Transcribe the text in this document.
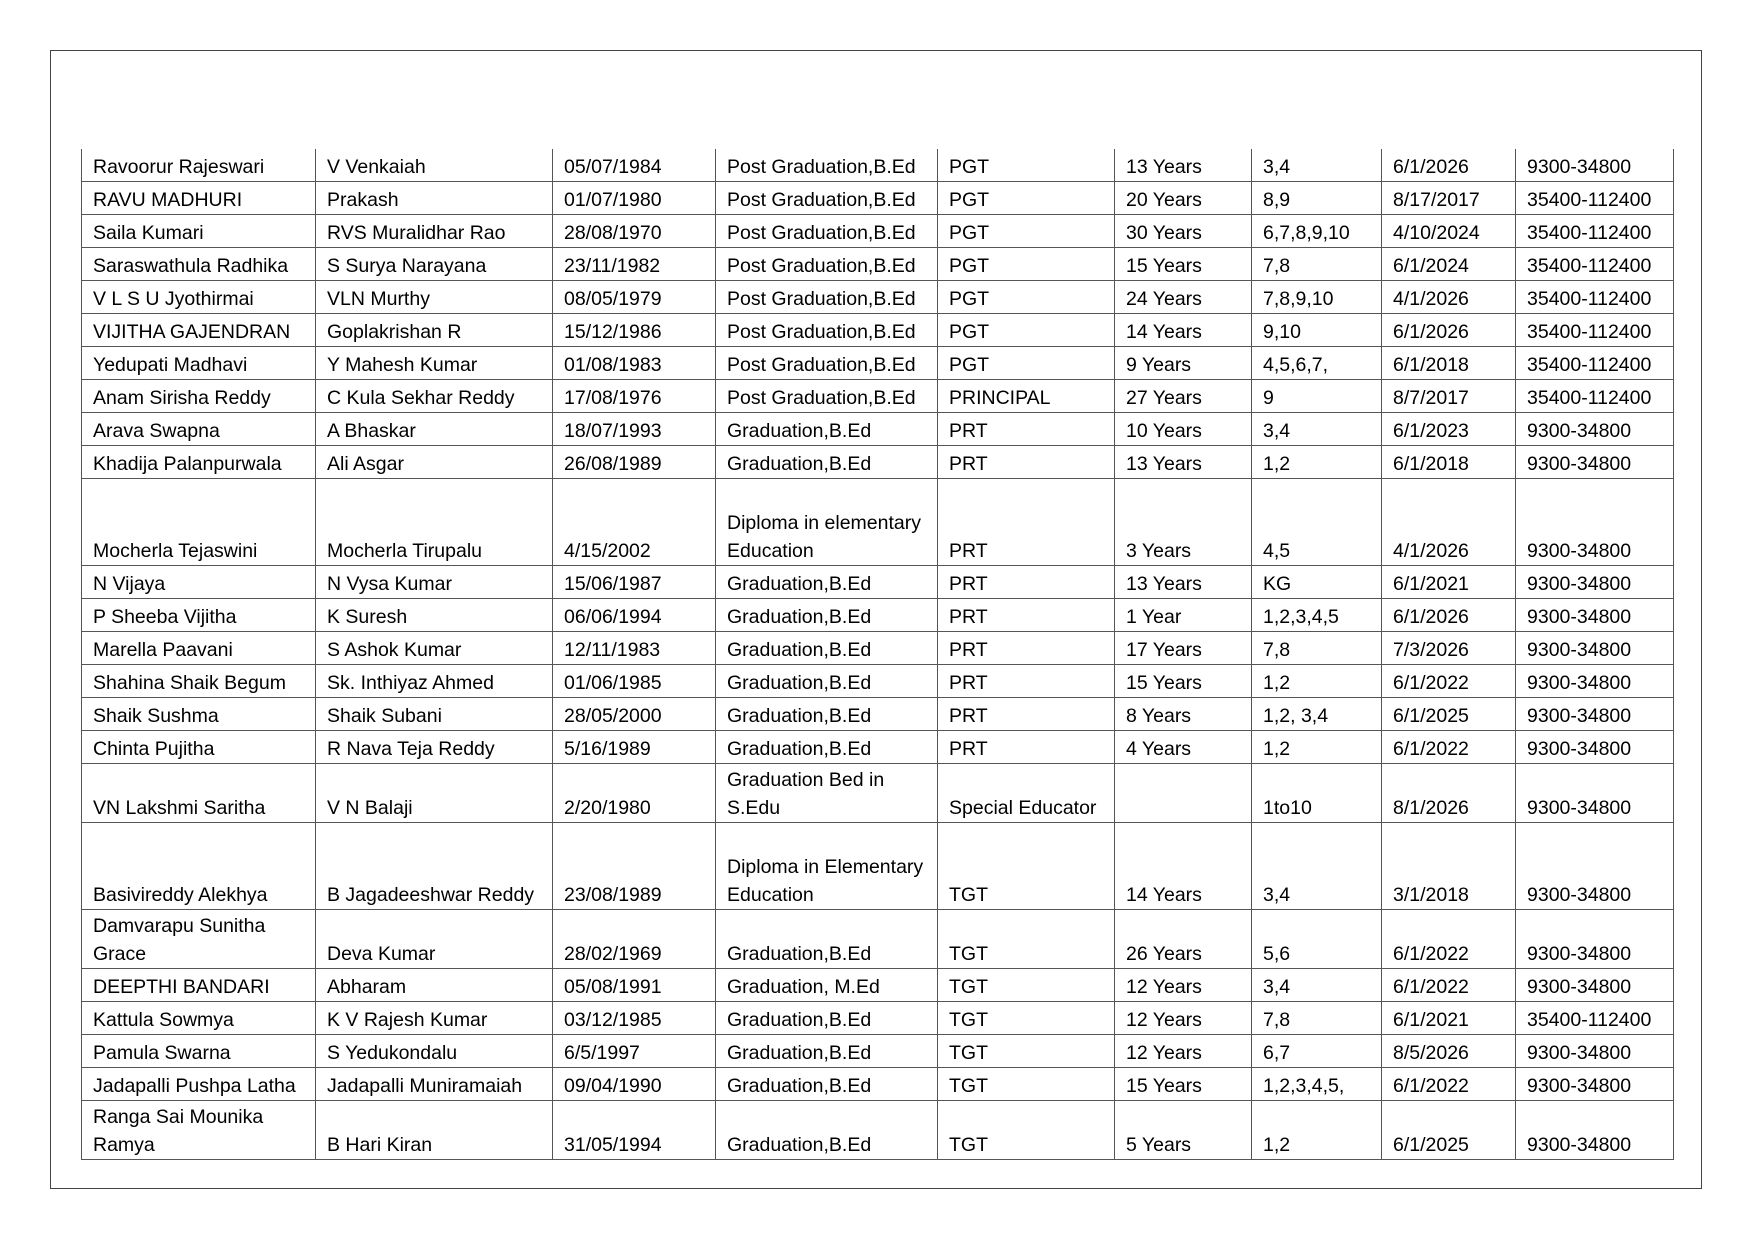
Ravoorur Rajeswari	V Venkaiah	05/07/1984	Post Graduation,B.Ed	PGT	13 Years	3,4	6/1/2026	9300-34800
RAVU MADHURI	Prakash	01/07/1980	Post Graduation,B.Ed	PGT	20 Years	8,9	8/17/2017	35400-112400
Saila Kumari	RVS Muralidhar Rao	28/08/1970	Post Graduation,B.Ed	PGT	30 Years	6,7,8,9,10	4/10/2024	35400-112400
Saraswathula Radhika	S Surya Narayana	23/11/1982	Post Graduation,B.Ed	PGT	15 Years	7,8	6/1/2024	35400-112400
V L S U Jyothirmai	VLN Murthy	08/05/1979	Post Graduation,B.Ed	PGT	24 Years	7,8,9,10	4/1/2026	35400-112400
VIJITHA GAJENDRAN	Goplakrishan R	15/12/1986	Post Graduation,B.Ed	PGT	14 Years	9,10	6/1/2026	35400-112400
Yedupati Madhavi	Y Mahesh Kumar	01/08/1983	Post Graduation,B.Ed	PGT	9 Years	4,5,6,7,	6/1/2018	35400-112400
Anam Sirisha Reddy	C Kula Sekhar Reddy	17/08/1976	Post Graduation,B.Ed	PRINCIPAL	27 Years	9	8/7/2017	35400-112400
Arava Swapna	A Bhaskar	18/07/1993	Graduation,B.Ed	PRT	10 Years	3,4	6/1/2023	9300-34800
Khadija Palanpurwala	Ali Asgar	26/08/1989	Graduation,B.Ed	PRT	13 Years	1,2	6/1/2018	9300-34800
Mocherla Tejaswini	Mocherla Tirupalu	4/15/2002	Diploma in elementary Education	PRT	3 Years	4,5	4/1/2026	9300-34800
N Vijaya	N Vysa Kumar	15/06/1987	Graduation,B.Ed	PRT	13 Years	KG	6/1/2021	9300-34800
P Sheeba Vijitha	K Suresh	06/06/1994	Graduation,B.Ed	PRT	1 Year	1,2,3,4,5	6/1/2026	9300-34800
Marella Paavani	S Ashok Kumar	12/11/1983	Graduation,B.Ed	PRT	17 Years	7,8	7/3/2026	9300-34800
Shahina Shaik Begum	Sk. Inthiyaz Ahmed	01/06/1985	Graduation,B.Ed	PRT	15 Years	1,2	6/1/2022	9300-34800
Shaik Sushma	Shaik Subani	28/05/2000	Graduation,B.Ed	PRT	8 Years	1,2, 3,4	6/1/2025	9300-34800
Chinta Pujitha	R Nava Teja Reddy	5/16/1989	Graduation,B.Ed	PRT	4 Years	1,2	6/1/2022	9300-34800
VN Lakshmi Saritha	V N Balaji	2/20/1980	Graduation Bed in S.Edu	Special Educator		1to10	8/1/2026	9300-34800
Basivireddy Alekhya	B Jagadeeshwar Reddy	23/08/1989	Diploma in Elementary Education	TGT	14 Years	3,4	3/1/2018	9300-34800
Damvarapu Sunitha Grace	Deva Kumar	28/02/1969	Graduation,B.Ed	TGT	26 Years	5,6	6/1/2022	9300-34800
DEEPTHI BANDARI	Abharam	05/08/1991	Graduation, M.Ed	TGT	12 Years	3,4	6/1/2022	9300-34800
Kattula Sowmya	K V Rajesh Kumar	03/12/1985	Graduation,B.Ed	TGT	12 Years	7,8	6/1/2021	35400-112400
Pamula Swarna	S Yedukondalu	6/5/1997	Graduation,B.Ed	TGT	12 Years	6,7	8/5/2026	9300-34800
Jadapalli Pushpa Latha	Jadapalli Muniramaiah	09/04/1990	Graduation,B.Ed	TGT	15 Years	1,2,3,4,5,	6/1/2022	9300-34800
Ranga Sai Mounika Ramya	B Hari Kiran	31/05/1994	Graduation,B.Ed	TGT	5 Years	1,2	6/1/2025	9300-34800
